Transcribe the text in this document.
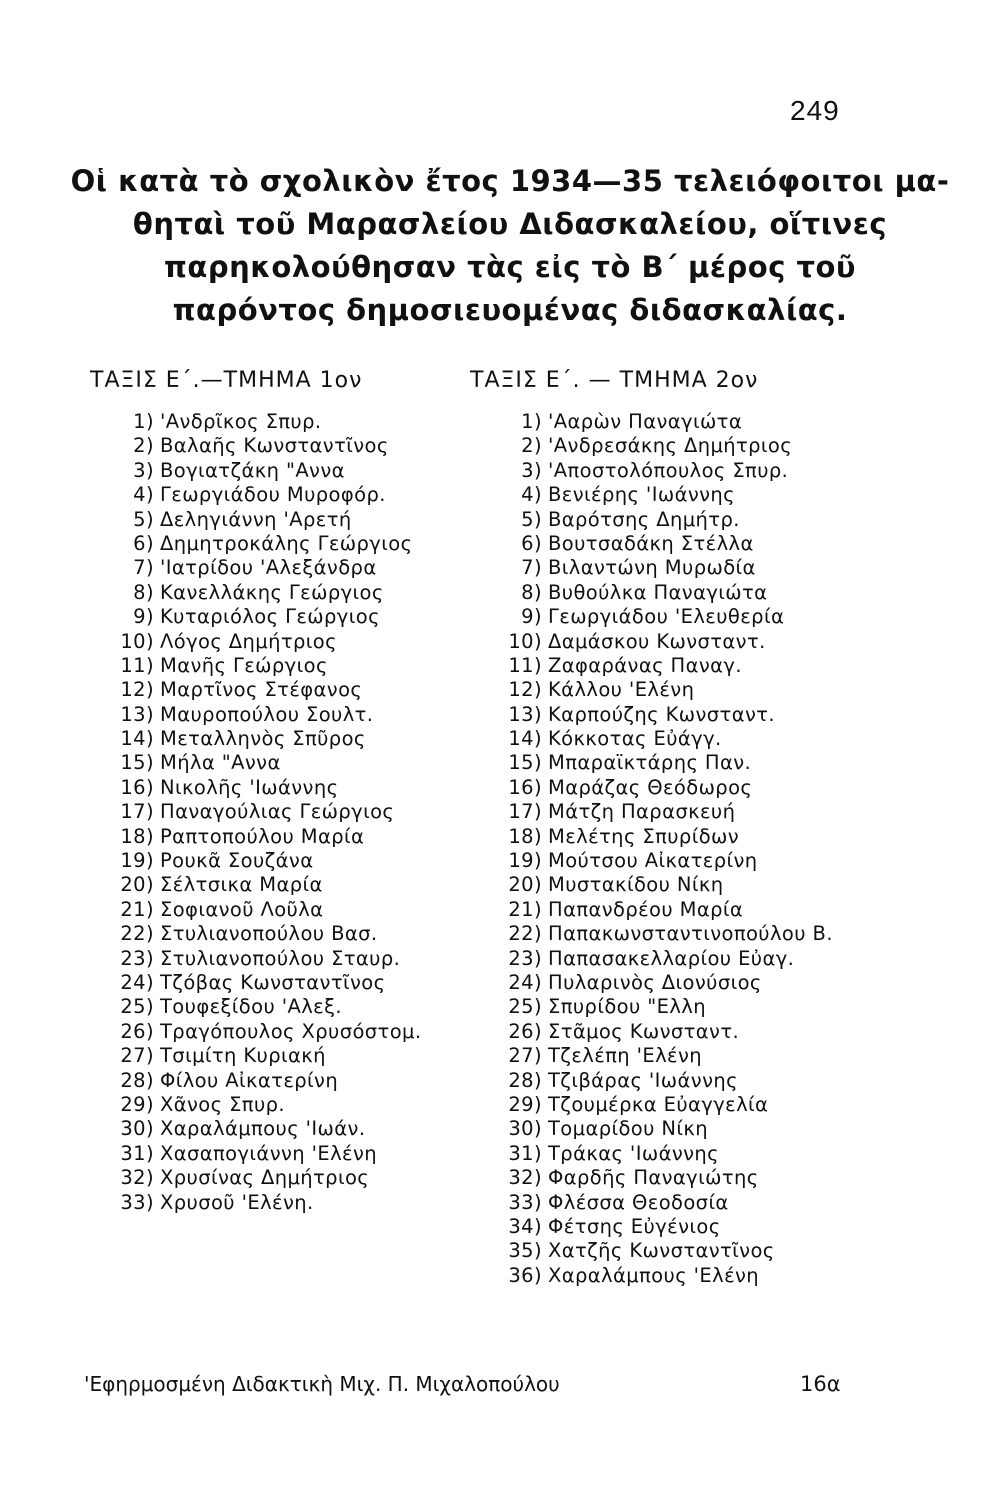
249
Οἱ κατὰ τὸ σχολικὸν ἔτος 1934—35 τελειόφοιτοι μα-
θηταὶ τοῦ Μαρασλείου Διδασκαλείου, οἵτινες
παρηκολούθησαν τὰς εἰς τὸ Β΄ μέρος τοῦ
παρόντος δημοσιευομένας διδασκαλίας.
ΤΑΞΙΣ Ε΄.—ΤΜΗΜΑ 1ον	ΤΑΞΙΣ Ε΄. — ΤΜΗΜΑ 2ον
1) 'Ανδρῖκος Σπυρ.
2) Βαλαῆς Κωνσταντῖνος
3) Βογιατζάκη "Αννα
4) Γεωργιάδου Μυροφόρ.
5) Δεληγιάννη 'Αρετή
6) Δημητροκάλης Γεώργιος
7) 'Ιατρίδου 'Αλεξάνδρα
8) Κανελλάκης Γεώργιος
9) Κυταριόλος Γεώργιος
10) Λόγος Δημήτριος
11) Μανῆς Γεώργιος
12) Μαρτῖνος Στέφανος
13) Μαυροπούλου Σουλτ.
14) Μεταλληνὸς Σπῦρος
15) Μήλα "Αννα
16) Νικολῆς 'Ιωάννης
17) Παναγούλιας Γεώργιος
18) Ραπτοπούλου Μαρία
19) Ρουκᾶ Σουζάνα
20) Σέλτσικα Μαρία
21) Σοφιανοῦ Λοῦλα
22) Στυλιανοπούλου Βασ.
23) Στυλιανοπούλου Σταυρ.
24) Τζόβας Κωνσταντῖνος
25) Τουφεξίδου 'Αλεξ.
26) Τραγόπουλος Χρυσόστομ.
27) Τσιμίτη Κυριακή
28) Φίλου Αἰκατερίνη
29) Χᾶνος Σπυρ.
30) Χαραλάμπους 'Ιωάν.
31) Χασαπογιάννη 'Ελένη
32) Χρυσίνας Δημήτριος
33) Χρυσοῦ 'Ελένη.
1) 'Ααρὼν Παναγιώτα
2) 'Ανδρεσάκης Δημήτριος
3) 'Αποστολόπουλος Σπυρ.
4) Βενιέρης 'Ιωάννης
5) Βαρότσης Δημήτρ.
6) Βουτσαδάκη Στέλλα
7) Βιλαντώνη Μυρωδία
8) Βυθούλκα Παναγιώτα
9) Γεωργιάδου 'Ελευθερία
10) Δαμάσκου Κωνσταντ.
11) Ζαφαράνας Παναγ.
12) Κάλλου 'Ελένη
13) Καρπούζης Κωνσταντ.
14) Κόκκοτας Εὐάγγ.
15) Μπαραϊκτάρης Παν.
16) Μαράζας Θεόδωρος
17) Μάτζη Παρασκευή
18) Μελέτης Σπυρίδων
19) Μούτσου Αἰκατερίνη
20) Μυστακίδου Νίκη
21) Παπανδρέου Μαρία
22) Παπακωνσταντινοπούλου Β.
23) Παπασακελλαρίου Εὐαγ.
24) Πυλαρινὸς Διονύσιος
25) Σπυρίδου "Ελλη
26) Στᾶμος Κωνσταντ.
27) Τζελέπη 'Ελένη
28) Τζιβάρας 'Ιωάννης
29) Τζουμέρκα Εὐαγγελία
30) Τομαρίδου Νίκη
31) Τράκας 'Ιωάννης
32) Φαρδῆς Παναγιώτης
33) Φλέσσα Θεοδοσία
34) Φέτσης Εὐγένιος
35) Χατζῆς Κωνσταντῖνος
36) Χαραλάμπους 'Ελένη
'Εφηρμοσμένη Διδακτικὴ Μιχ. Π. Μιχαλοπούλου	16α
